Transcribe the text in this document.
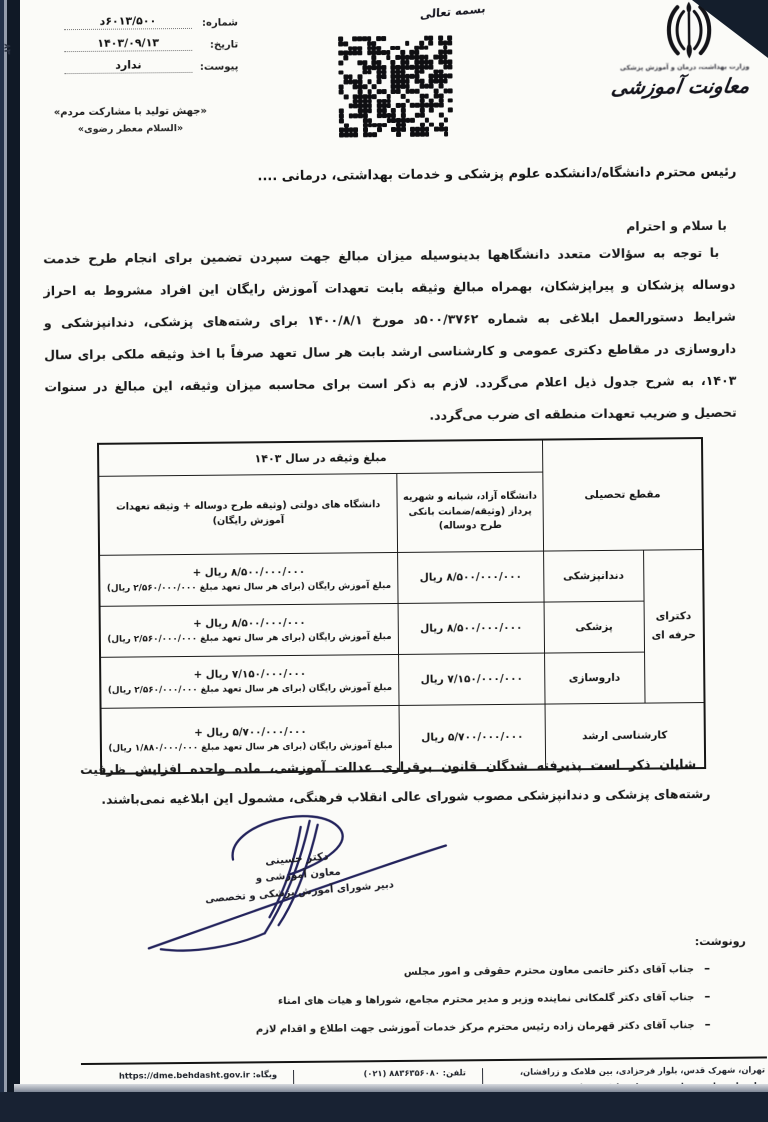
۸۳
شماره:
۶۰۱۳/۵۰۰د
تاریخ:
۱۴۰۳/۰۹/۱۳
پیوست:
ندارد
«جهش تولید با مشارکت مردم»
«السلام معطر رضوی»
بسمه تعالی
وزارت بهداشت، درمان و آموزش پزشکی
معاونت آموزشی
رئیس محترم دانشگاه/دانشکده علوم پزشکی و خدمات بهداشتی، درمانی ....
با سلام و احترام

با توجه به سؤالات متعدد دانشگاهها بدینوسیله میزان مبالغ جهت سپردن تضمین برای انجام طرح خدمت دوساله پزشکان و پیراپزشکان، بهمراه مبالغ وثیقه بابت تعهدات آموزش رایگان این افراد مشروط به احراز شرایط دستورالعمل ابلاغی به شماره ۵۰۰/۳۷۶۲د مورخ ۱۴۰۰/۸/۱ برای رشته‌های پزشکی، دندانپزشکی و داروسازی در مقاطع دکتری عمومی و کارشناسی ارشد بابت هر سال تعهد صرفاً با اخذ وثیقه ملکی برای سال ۱۴۰۳، به شرح جدول ذیل اعلام می‌گردد. لازم به ذکر است برای محاسبه میزان وثیقه، این مبالغ در سنوات تحصیل و ضریب تعهدات منطقه ای ضرب می‌گردد.

مقطع تحصیلی		مبلغ وثیقه در سال ۱۴۰۳	
		دانشگاه آزاد، شبانه و شهریه پرداز (وثیقه/ضمانت بانکی طرح دوساله)	دانشگاه های دولتی (وثیقه طرح دوساله + وثیقه تعهدات آموزش رایگان)
دکترای حرفه ای	دندانپزشکی	۸/۵۰۰/۰۰۰/۰۰۰ ریال	۸/۵۰۰/۰۰۰/۰۰۰ ریال +
مبلغ آموزش رایگان (برای هر سال تعهد مبلغ ۲/۵۶۰/۰۰۰/۰۰۰ ریال)

	پزشکی	۸/۵۰۰/۰۰۰/۰۰۰ ریال	۸/۵۰۰/۰۰۰/۰۰۰ ریال +
مبلغ آموزش رایگان (برای هر سال تعهد مبلغ ۲/۵۶۰/۰۰۰/۰۰۰ ریال)

	داروسازی	۷/۱۵۰/۰۰۰/۰۰۰ ریال	۷/۱۵۰/۰۰۰/۰۰۰ ریال +
مبلغ آموزش رایگان (برای هر سال تعهد مبلغ ۲/۵۶۰/۰۰۰/۰۰۰ ریال)

کارشناسی ارشد		۵/۷۰۰/۰۰۰/۰۰۰ ریال	۵/۷۰۰/۰۰۰/۰۰۰ ریال +
مبلغ آموزش رایگان (برای هر سال تعهد مبلغ ۱/۸۸۰/۰۰۰/۰۰۰ ریال)

شایان ذکر است پذیرفته شدگان قانون برقراری عدالت آموزشی، ماده واحده افزایش ظرفیت رشته‌های پزشکی و دندانپزشکی مصوب شورای عالی انقلاب فرهنگی، مشمول این ابلاغیه نمی‌باشند.

دکتر حسینی
معاون آموزشی و
دبیر شورای آموزش پزشکی و تخصصی
رونوشت:
–
جناب آقای دکتر حاتمی معاون محترم حقوقی و امور مجلس
–
جناب آقای دکتر گلمکانی نماینده وزیر و مدیر محترم مجامع، شوراها و هیات های امناء
–
جناب آقای دکتر قهرمان زاده رئیس محترم مرکز خدمات آموزشی جهت اطلاع و اقدام لازم
تهران، شهرک قدس، بلوار فرحزادی، بین فلامک و زرافشان،
تلفن: ۸۸۳۶۳۵۶۰۸۰ (۰۲۱)
وبگاه: https://dme.behdasht.gov.ir
